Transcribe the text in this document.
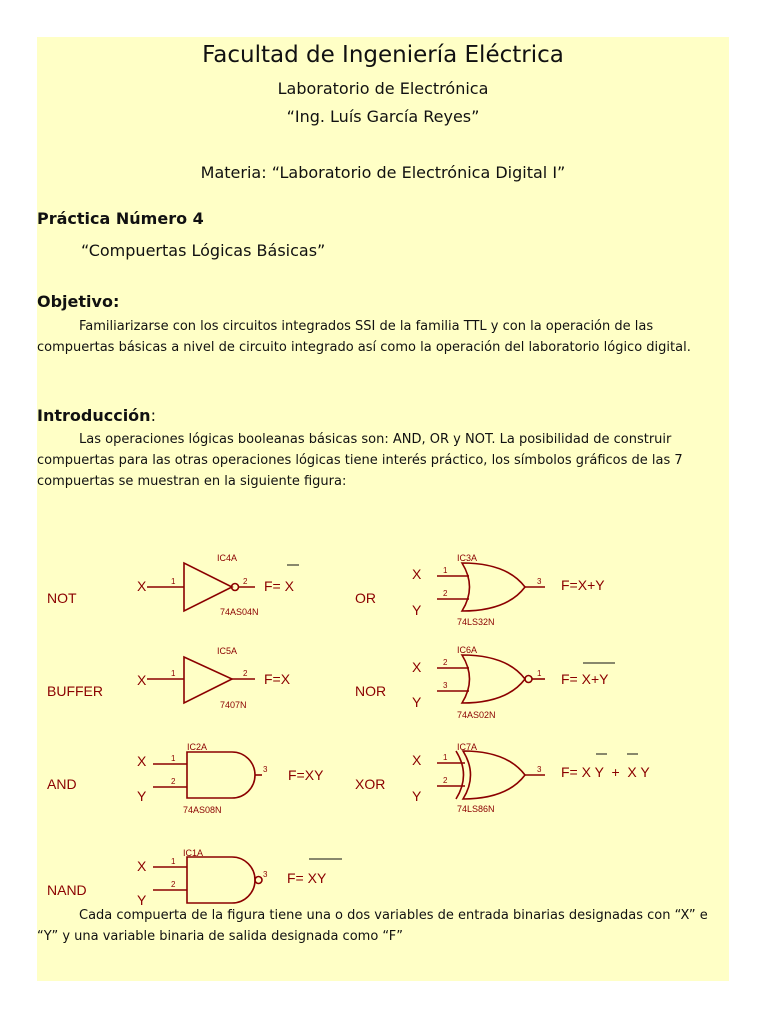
Facultad de Ingeniería Eléctrica
Laboratorio de Electrónica
“Ing. Luís García Reyes”
Materia: “Laboratorio de Electrónica Digital I”
Práctica Número 4
“Compuertas Lógicas Básicas”
Objetivo:

Familiarizarse con los circuitos integrados SSI de la familia TTL y con la operación de las compuertas básicas a nivel de circuito integrado así como la operación del laboratorio lógico digital.

Introducción:

Las operaciones lógicas booleanas básicas son: AND, OR y NOT. La posibilidad de construir compuertas para las otras operaciones lógicas tiene interés práctico, los símbolos gráficos de las 7 compuertas se muestran en la siguiente figura:

NOT
BUFFER
AND
NAND
OR
NOR
XOR
X
X
X
Y
X
Y
X
Y
X
Y
X
Y
1	2
1	2
1
2
3
1
2
3
1
2
3
2
3
1
1
2
3
IC4A
74AS04N
IC5A
7407N
IC2A
74AS08N
IC1A
IC3A
74LS32N
IC6A
74AS02N
IC7A
74LS86N
F= X
F=X
F=XY
F= XY
F=X+Y
F= X+Y
F= X Y  +  X Y

Cada compuerta de la figura tiene una o dos variables de entrada binarias designadas con “X” e “Y” y una variable binaria de salida designada como “F”
